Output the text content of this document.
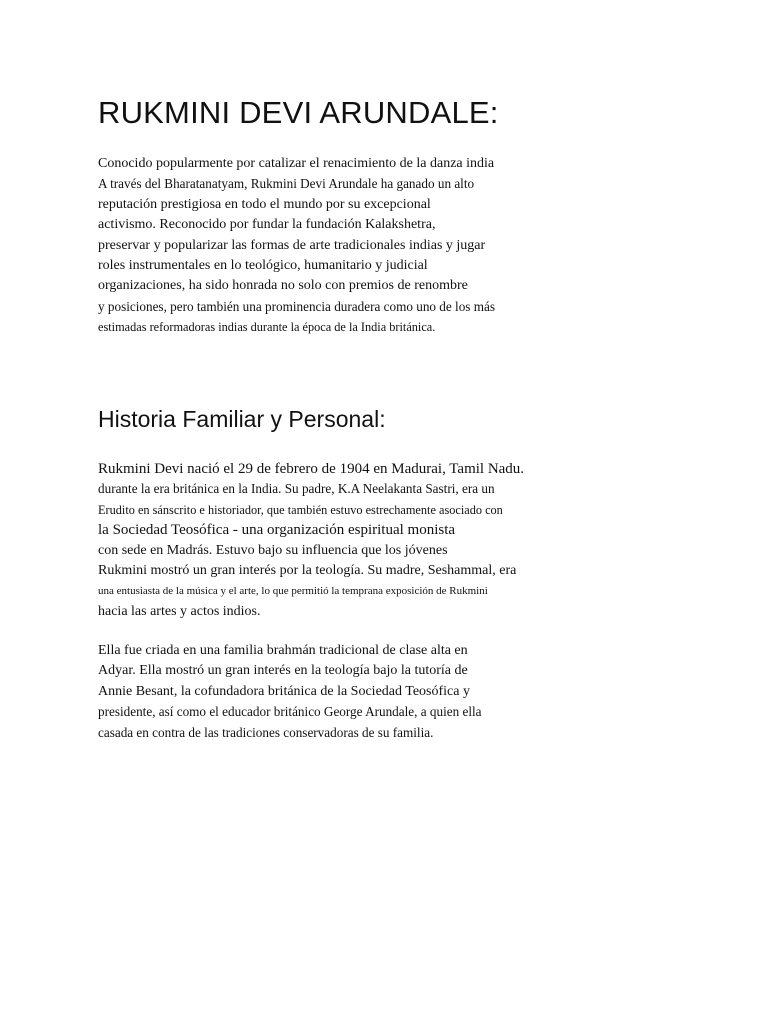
RUKMINI DEVI ARUNDALE:

Conocido popularmente por catalizar el renacimiento de la danza india
A través del Bharatanatyam, Rukmini Devi Arundale ha ganado un alto
reputación prestigiosa en todo el mundo por su excepcional
activismo. Reconocido por fundar la fundación Kalakshetra,
preservar y popularizar las formas de arte tradicionales indias y jugar
roles instrumentales en lo teológico, humanitario y judicial
organizaciones, ha sido honrada no solo con premios de renombre
y posiciones, pero también una prominencia duradera como uno de los más
estimadas reformadoras indias durante la época de la India británica.

Historia Familiar y Personal:

Rukmini Devi nació el 29 de febrero de 1904 en Madurai, Tamil Nadu.
durante la era británica en la India. Su padre, K.A Neelakanta Sastri, era un
Erudito en sánscrito e historiador, que también estuvo estrechamente asociado con
la Sociedad Teosófica - una organización espiritual monista
con sede en Madrás. Estuvo bajo su influencia que los jóvenes
Rukmini mostró un gran interés por la teología. Su madre, Seshammal, era
una entusiasta de la música y el arte, lo que permitió la temprana exposición de Rukmini
hacia las artes y actos indios.

Ella fue criada en una familia brahmán tradicional de clase alta en
Adyar. Ella mostró un gran interés en la teología bajo la tutoría de
Annie Besant, la cofundadora británica de la Sociedad Teosófica y
presidente, así como el educador británico George Arundale, a quien ella
casada en contra de las tradiciones conservadoras de su familia.
